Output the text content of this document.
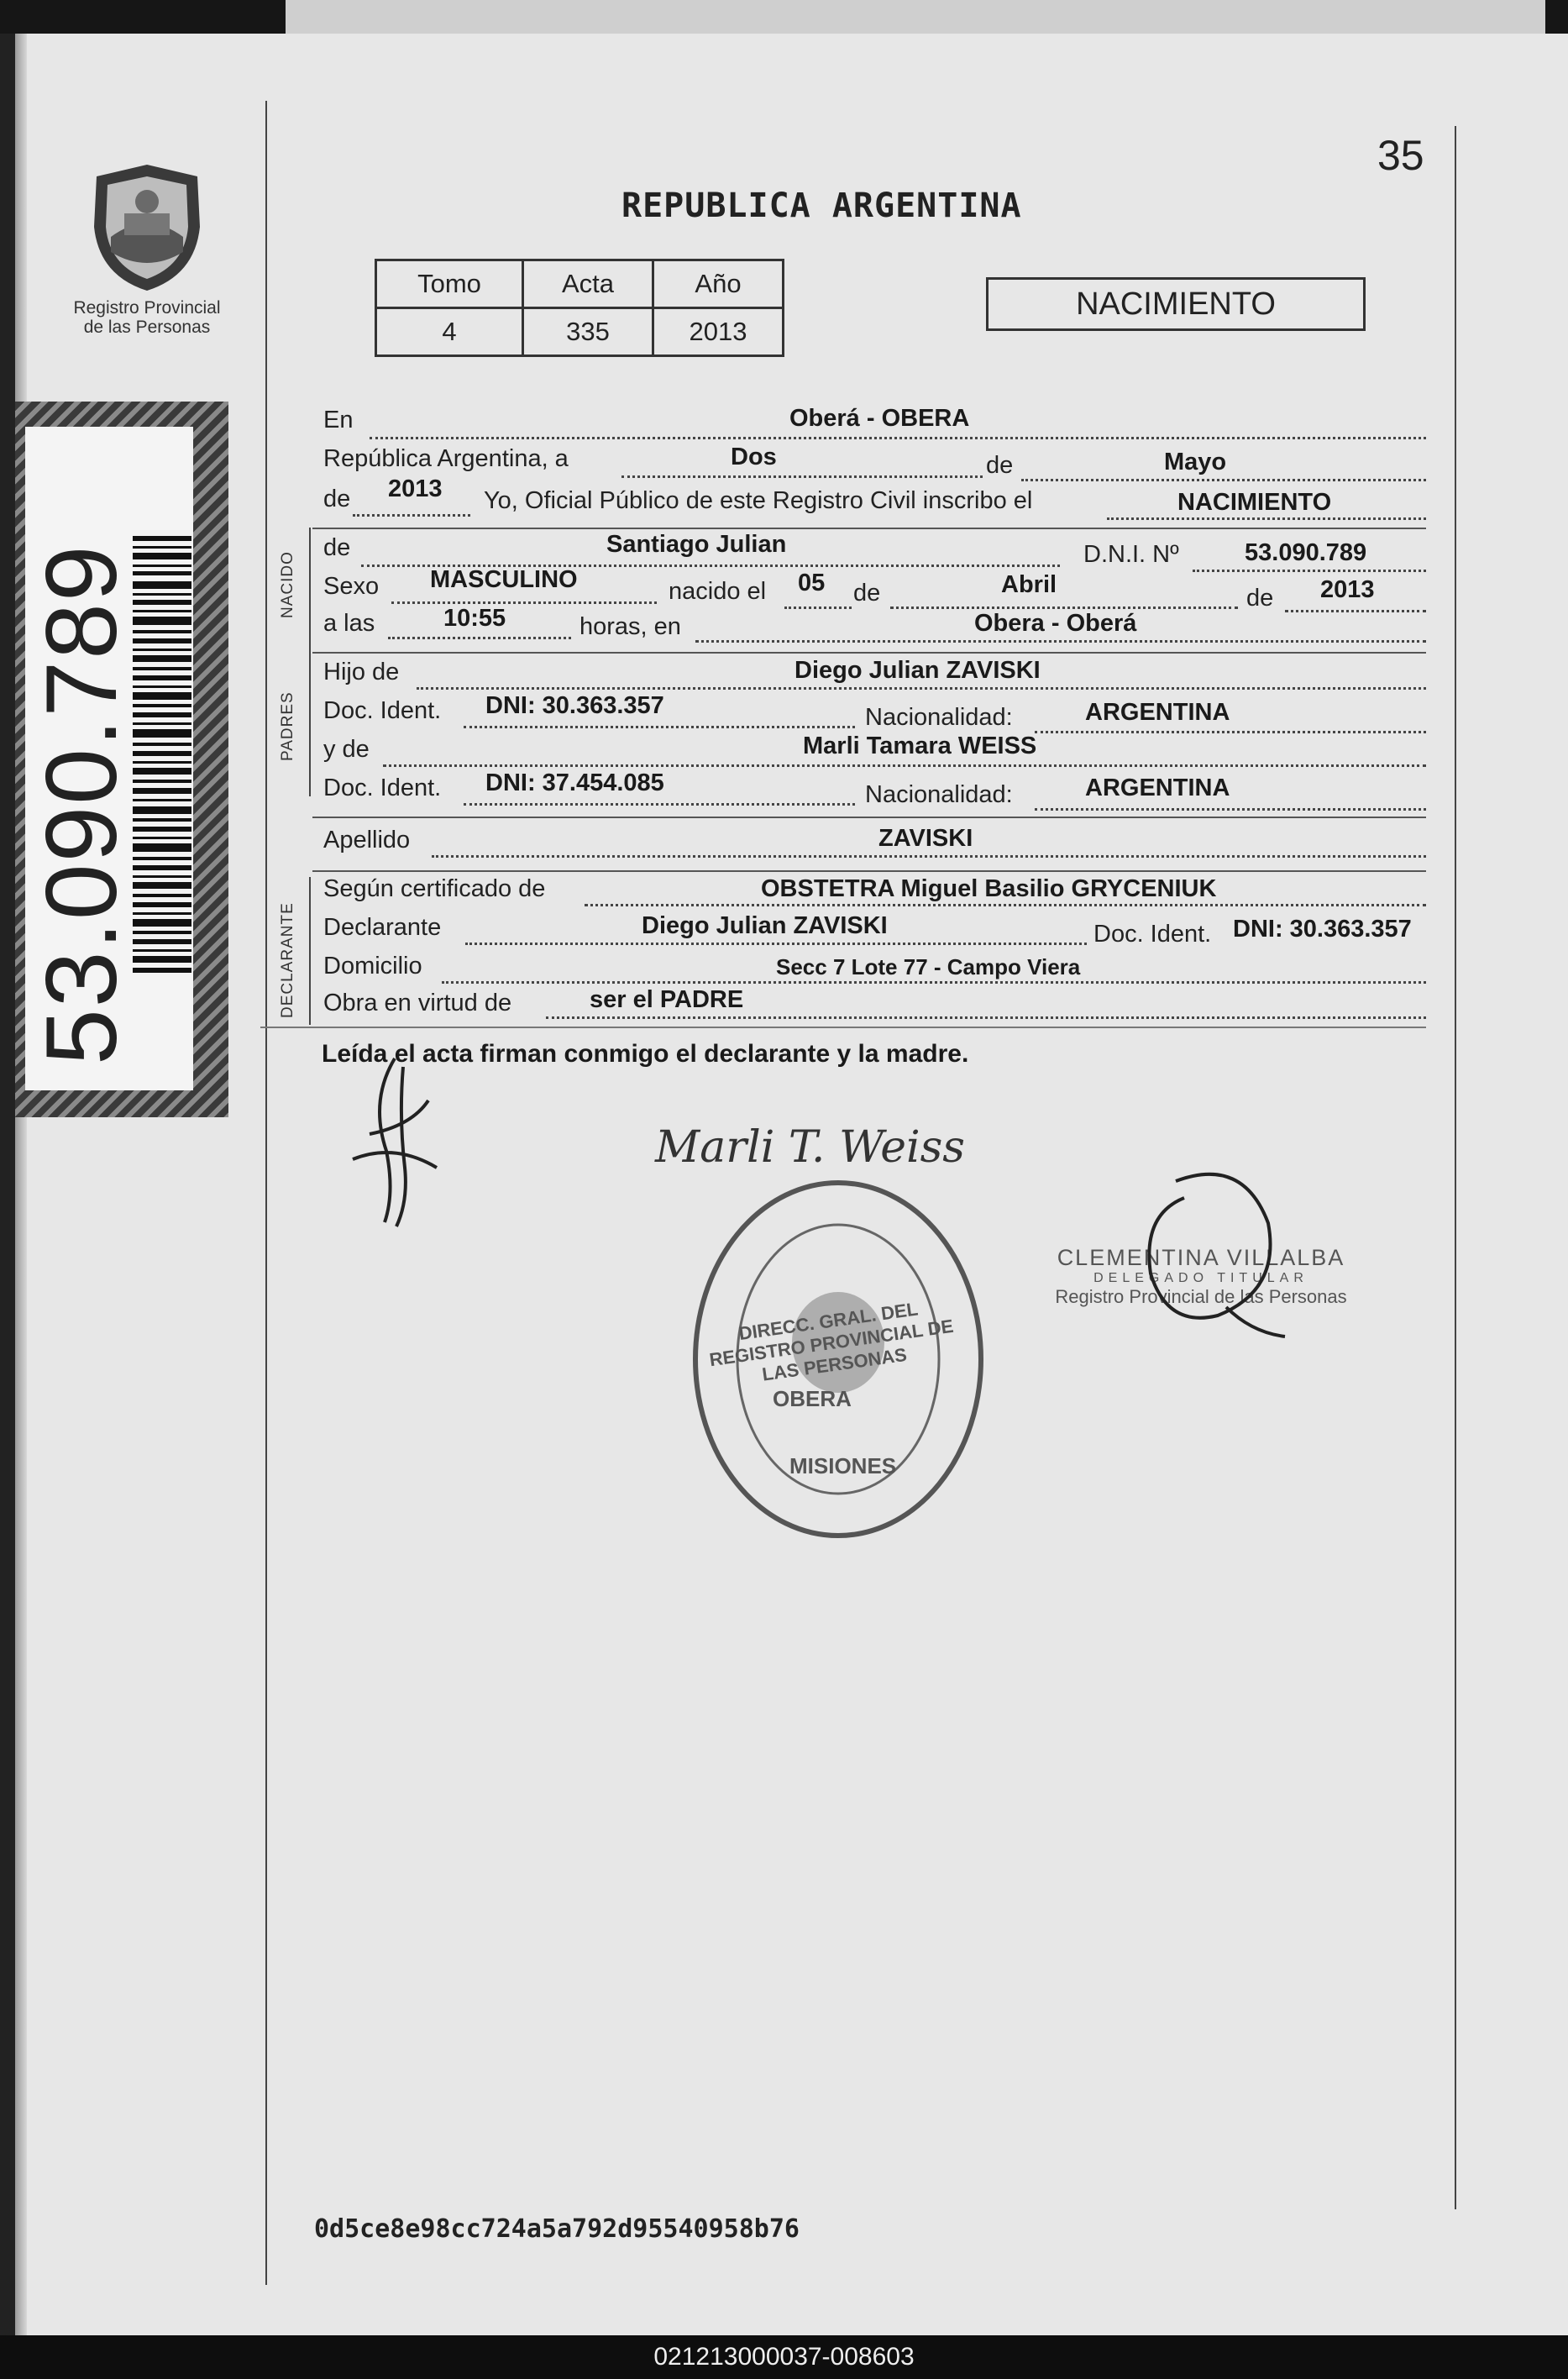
Registro Provincial
de las Personas
53.090.789
35
REPUBLICA ARGENTINA
Tomo	Acta	Año
4	335	2013
NACIMIENTO
En	Oberá - OBERA
República Argentina, a	Dos	de	Mayo
de 2013 Yo, Oficial Público de este Registro Civil inscribo el	NACIMIENTO
NACIDO
de	Santiago Julian	D.N.I. Nº	53.090.789
Sexo MASCULINO	nacido el 05 de	Abril	de 2013
a las	10:55	horas, en	Obera - Oberá
PADRES
Hijo de	Diego Julian ZAVISKI
Doc. Ident. DNI: 30.363.357	Nacionalidad:	ARGENTINA
y de	Marli Tamara WEISS
Doc. Ident. DNI: 37.454.085	Nacionalidad:	ARGENTINA
Apellido	ZAVISKI
DECLARANTE
Según certificado de	OBSTETRA Miguel Basilio GRYCENIUK
Declarante	Diego Julian ZAVISKI	Doc. Ident. DNI: 30.363.357
Domicilio	Secc 7 Lote 77 - Campo Viera
Obra en virtud de	ser el PADRE
Leída el acta firman conmigo el declarante y la madre.
Marli T. Weiss
DIRECC. GRAL. DEL REGISTRO PROVINCIAL DE LAS PERSONAS
OBERA
MISIONES
CLEMENTINA VILLALBA
DELEGADO TITULAR
Registro Provincial de las Personas
0d5ce8e98cc724a5a792d95540958b76
021213000037-008603
